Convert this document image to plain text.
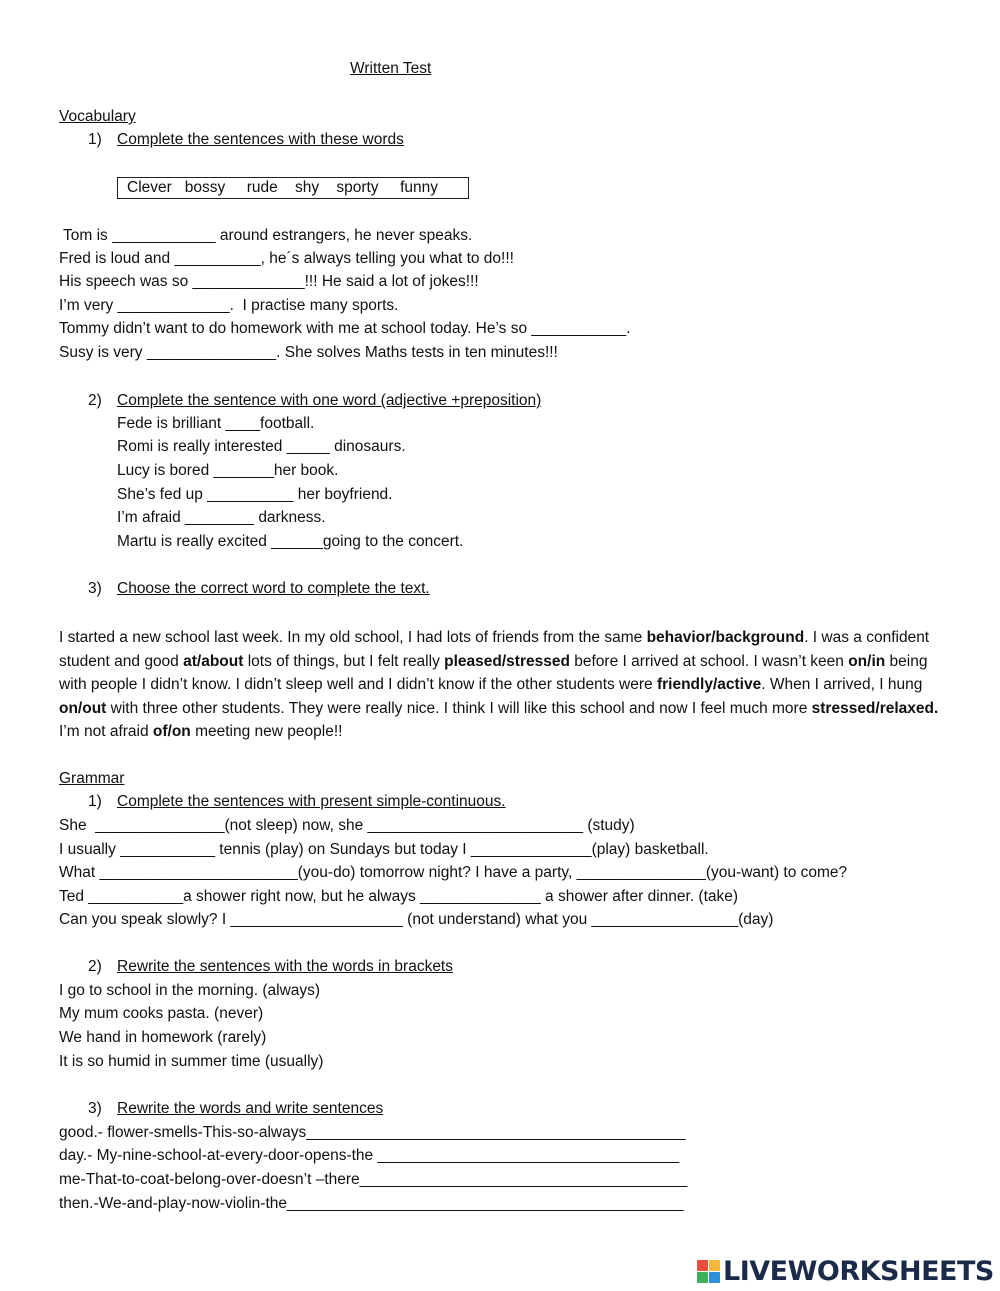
Written Test
Vocabulary
1) Complete the sentences with these words
Clever   bossy     rude    shy    sporty     funny
Tom is ____________ around estrangers, he never speaks.
Fred is loud and __________, he´s always telling you what to do!!!
His speech was so _____________!!! He said a lot of jokes!!!
I’m very _____________.  I practise many sports.
Tommy didn’t want to do homework with me at school today. He’s so ___________.
Susy is very _______________. She solves Maths tests in ten minutes!!!
2) Complete the sentence with one word (adjective +preposition)
Fede is brilliant ____football.
Romi is really interested _____ dinosaurs.
Lucy is bored _______her book.
She’s fed up __________ her boyfriend.
I’m afraid ________ darkness.
Martu is really excited ______going to the concert.
3) Choose the correct word to complete the text.
I started a new school last week. In my old school, I had lots of friends from the same behavior/background. I was a confident student and good at/about lots of things, but I felt really pleased/stressed before I arrived at school. I wasn’t keen on/in being with people I didn’t know. I didn’t sleep well and I didn’t know if the other students were friendly/active. When I arrived, I hung on/out with three other students. They were really nice. I think I will like this school and now I feel much more stressed/relaxed. I’m not afraid of/on meeting new people!!
Grammar
1) Complete the sentences with present simple-continuous.
She  _______________(not sleep) now, she _________________________ (study)
I usually ___________ tennis (play) on Sundays but today I ______________(play) basketball.
What _______________________(you-do) tomorrow night? I have a party, _______________(you-want) to come?
Ted ___________a shower right now, but he always ______________ a shower after dinner. (take)
Can you speak slowly? I ____________________ (not understand) what you _________________(day)
2) Rewrite the sentences with the words in brackets
I go to school in the morning. (always)
My mum cooks pasta. (never)
We hand in homework (rarely)
It is so humid in summer time (usually)
3) Rewrite the words and write sentences
good.- flower-smells-This-so-always____________________________________________
day.- My-nine-school-at-every-door-opens-the ___________________________________
me-That-to-coat-belong-over-doesn’t –there______________________________________
then.-We-and-play-now-violin-the______________________________________________
LIVEWORKSHEETS
